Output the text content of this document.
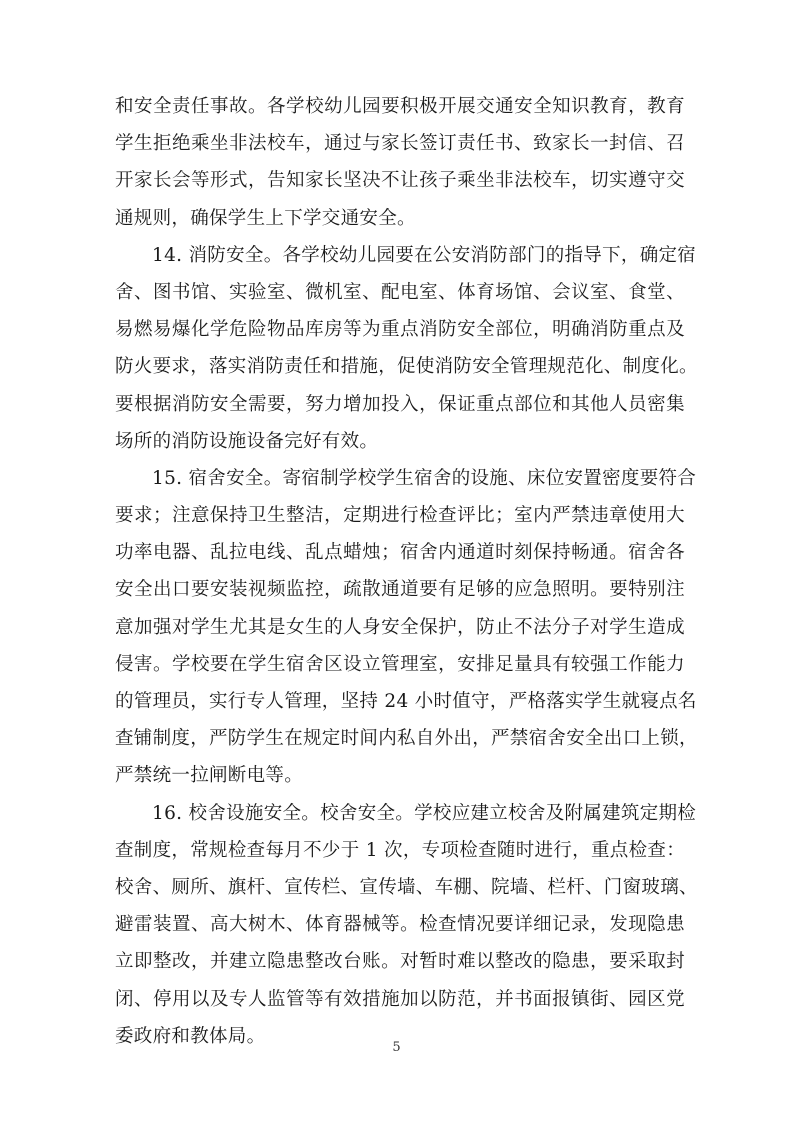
和安全责任事故。各学校幼儿园要积极开展交通安全知识教育，教育
学生拒绝乘坐非法校车，通过与家长签订责任书、致家长一封信、召
开家长会等形式，告知家长坚决不让孩子乘坐非法校车，切实遵守交
通规则，确保学生上下学交通安全。
14. 消防安全。各学校幼儿园要在公安消防部门的指导下，确定宿
舍、图书馆、实验室、微机室、配电室、体育场馆、会议室、食堂、
易燃易爆化学危险物品库房等为重点消防安全部位，明确消防重点及
防火要求，落实消防责任和措施，促使消防安全管理规范化、制度化。
要根据消防安全需要，努力增加投入，保证重点部位和其他人员密集
场所的消防设施设备完好有效。
15. 宿舍安全。寄宿制学校学生宿舍的设施、床位安置密度要符合
要求；注意保持卫生整洁，定期进行检查评比；室内严禁违章使用大
功率电器、乱拉电线、乱点蜡烛；宿舍内通道时刻保持畅通。宿舍各
安全出口要安装视频监控，疏散通道要有足够的应急照明。要特别注
意加强对学生尤其是女生的人身安全保护，防止不法分子对学生造成
侵害。学校要在学生宿舍区设立管理室，安排足量具有较强工作能力
的管理员，实行专人管理，坚持 24 小时值守，严格落实学生就寝点名
查铺制度，严防学生在规定时间内私自外出，严禁宿舍安全出口上锁，
严禁统一拉闸断电等。
16. 校舍设施安全。校舍安全。学校应建立校舍及附属建筑定期检
查制度，常规检查每月不少于 1 次，专项检查随时进行，重点检查：
校舍、厕所、旗杆、宣传栏、宣传墙、车棚、院墙、栏杆、门窗玻璃、
避雷装置、高大树木、体育器械等。检查情况要详细记录，发现隐患
立即整改，并建立隐患整改台账。对暂时难以整改的隐患，要采取封
闭、停用以及专人监管等有效措施加以防范，并书面报镇街、园区党
委政府和教体局。
5
